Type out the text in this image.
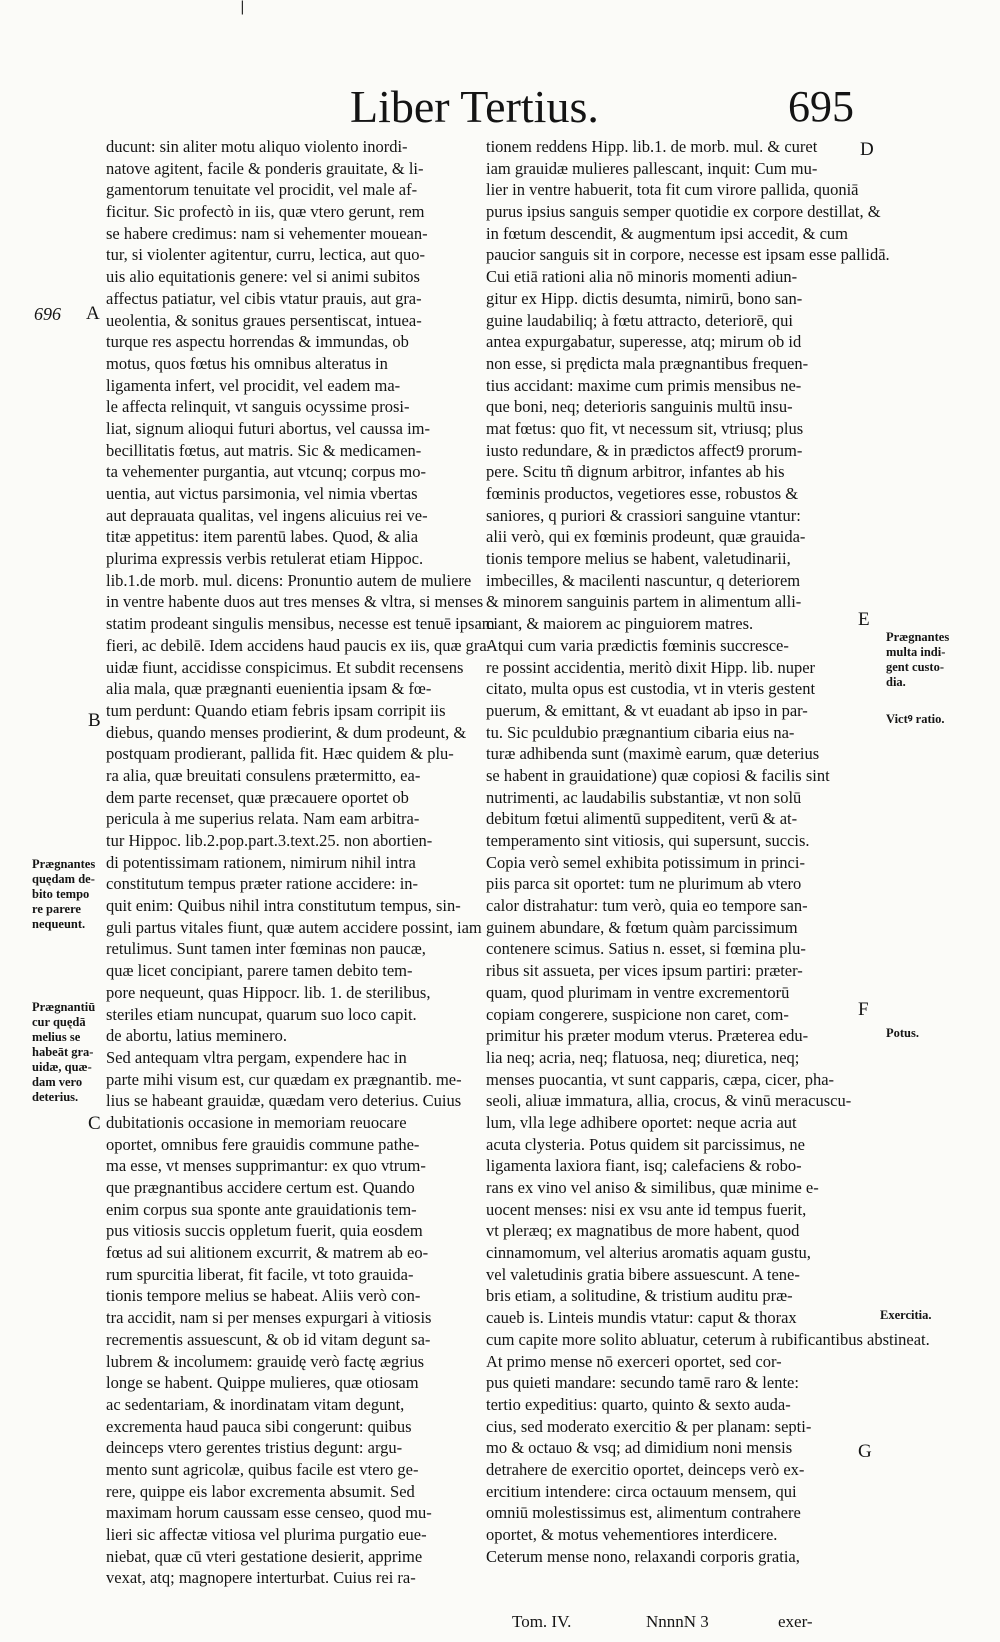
|
Liber Tertius.	695
696 A
B
C
D
E
F
G
Prægnantes
quędam de-
bito tempo
re parere
nequeunt.
Prægnantiū
cur quędā
melius se
habeāt gra-
uidæ, quæ-
dam vero
deterius.
Prægnantes
multa indi-
gent custo-
dia.
Victꝰ ratio.
Potus.
Exercitia.
ducunt: sin aliter motu aliquo violento inordi-
natove agitent, facile & ponderis grauitate, & li-
gamentorum tenuitate vel procidit, vel male af-
ficitur. Sic profectò in iis, quæ vtero gerunt, rem
se habere credimus: nam si vehementer mouean-
tur, si violenter agitentur, curru, lectica, aut quo-
uis alio equitationis genere: vel si animi subitos
affectus patiatur, vel cibis vtatur prauis, aut gra-
ueolentia, & sonitus graues persentiscat, intuea-
turque res aspectu horrendas & immundas, ob
motus, quos fœtus his omnibus alteratus in
ligamenta infert, vel procidit, vel eadem ma-
le affecta relinquit, vt sanguis ocyssime prosi-
liat, signum alioqui futuri abortus, vel caussa im-
becillitatis fœtus, aut matris. Sic & medicamen-
ta vehementer purgantia, aut vtcunq; corpus mo-
uentia, aut victus parsimonia, vel nimia vbertas
aut deprauata qualitas, vel ingens alicuius rei ve-
titæ appetitus: item parentū labes. Quod, & alia
plurima expressis verbis retulerat etiam Hippoc.
lib.1.de morb. mul. dicens: Pronuntio autem de muliere
in ventre habente duos aut tres menses & vltra, si menses
statim prodeant singulis mensibus, necesse est tenuē ipsam
fieri, ac debilē. Idem accidens haud paucis ex iis, quæ gra-
uidæ fiunt, accidisse conspicimus. Et subdit recensens
alia mala, quæ prægnanti euenientia ipsam & fœ-
tum perdunt: Quando etiam febris ipsam corripit iis
diebus, quando menses prodierint, & dum prodeunt, &
postquam prodierant, pallida fit. Hæc quidem & plu-
ra alia, quæ breuitati consulens prætermitto, ea-
dem parte recenset, quæ præcauere oportet ob
pericula à me superius relata. Nam eam arbitra-
tur Hippoc. lib.2.pop.part.3.text.25. non abortien-
di potentissimam rationem, nimirum nihil intra
constitutum tempus præter ratione accidere: in-
quit enim: Quibus nihil intra constitutum tempus, sin-
guli partus vitales fiunt, quæ autem accidere possint, iam
retulimus. Sunt tamen inter fœminas non paucæ,
quæ licet concipiant, parere tamen debito tem-
pore nequeunt, quas Hippocr. lib. 1. de sterilibus,
steriles etiam nuncupat, quarum suo loco capit.
de abortu, latius meminero.
Sed antequam vltra pergam, expendere hac in
parte mihi visum est, cur quædam ex prægnantib. me-
lius se habeant grauidæ, quædam vero deterius. Cuius
dubitationis occasione in memoriam reuocare
oportet, omnibus fere grauidis commune pathe-
ma esse, vt menses supprimantur: ex quo vtrum-
que prægnantibus accidere certum est. Quando
enim corpus sua sponte ante grauidationis tem-
pus vitiosis succis oppletum fuerit, quia eosdem
fœtus ad sui alitionem excurrit, & matrem ab eo-
rum spurcitia liberat, fit facile, vt toto grauida-
tionis tempore melius se habeat. Aliis verò con-
tra accidit, nam si per menses expurgari à vitiosis
recrementis assuescunt, & ob id vitam degunt sa-
lubrem & incolumem: grauidę verò factę ægrius
longe se habent. Quippe mulieres, quæ otiosam
ac sedentariam, & inordinatam vitam degunt,
excrementa haud pauca sibi congerunt: quibus
deinceps vtero gerentes tristius degunt: argu-
mento sunt agricolæ, quibus facile est vtero ge-
rere, quippe eis labor excrementa absumit. Sed
maximam horum caussam esse censeo, quod mu-
lieri sic affectæ vitiosa vel plurima purgatio eue-
niebat, quæ cū vteri gestatione desierit, apprime
vexat, atq; magnopere interturbat. Cuius rei ra-
tionem reddens Hipp. lib.1. de morb. mul. & curet
iam grauidæ mulieres pallescant, inquit: Cum mu-
lier in ventre habuerit, tota fit cum virore pallida, quoniā
purus ipsius sanguis semper quotidie ex corpore destillat, &
in fœtum descendit, & augmentum ipsi accedit, & cum
paucior sanguis sit in corpore, necesse est ipsam esse pallidā.
Cui etiā rationi alia nō minoris momenti adiun-
gitur ex Hipp. dictis desumta, nimirū, bono san-
guine laudabiliq; à fœtu attracto, deteriorē, qui
antea expurgabatur, superesse, atq; mirum ob id
non esse, si prędicta mala prægnantibus frequen-
tius accidant: maxime cum primis mensibus ne-
que boni, neq; deterioris sanguinis multū insu-
mat fœtus: quo fit, vt necessum sit, vtriusq; plus
iusto redundare, & in prædictos affect9 prorum-
pere. Scitu tñ dignum arbitror, infantes ab his
fœminis productos, vegetiores esse, robustos &
saniores, q puriori & crassiori sanguine vtantur:
alii verò, qui ex fœminis prodeunt, quæ grauida-
tionis tempore melius se habent, valetudinarii,
imbecilles, & macilenti nascuntur, q deteriorem
& minorem sanguinis partem in alimentum alli-
ciant, & maiorem ac pinguiorem matres.
Atqui cum varia prædictis fœminis succresce-
re possint accidentia, meritò dixit Hipp. lib. nuper
citato, multa opus est custodia, vt in vteris gestent
puerum, & emittant, & vt euadant ab ipso in par-
tu. Sic pculdubio prægnantium cibaria eius na-
turæ adhibenda sunt (maximè earum, quæ deterius
se habent in grauidatione) quæ copiosi & facilis sint
nutrimenti, ac laudabilis substantiæ, vt non solū
debitum fœtui alimentū suppeditent, verū & at-
temperamento sint vitiosis, qui supersunt, succis.
Copia verò semel exhibita potissimum in princi-
piis parca sit oportet: tum ne plurimum ab vtero
calor distrahatur: tum verò, quia eo tempore san-
guinem abundare, & fœtum quàm parcissimum
contenere scimus. Satius n. esset, si fœmina plu-
ribus sit assueta, per vices ipsum partiri: præter-
quam, quod plurimam in ventre excrementorū
copiam congerere, suspicione non caret, com-
primitur his præter modum vterus. Præterea edu-
lia neq; acria, neq; flatuosa, neq; diuretica, neq;
menses puocantia, vt sunt capparis, cæpa, cicer, pha-
seoli, aliuæ immatura, allia, crocus, & vinū meracuscu-
lum, vlla lege adhibere oportet: neque acria aut
acuta clysteria. Potus quidem sit parcissimus, ne
ligamenta laxiora fiant, isq; calefaciens & robo-
rans ex vino vel aniso & similibus, quæ minime e-
uocent menses: nisi ex vsu ante id tempus fuerit,
vt pleræq; ex magnatibus de more habent, quod
cinnamomum, vel alterius aromatis aquam gustu,
vel valetudinis gratia bibere assuescunt. A tene-
bris etiam, a solitudine, & tristium auditu præ-
caueb is. Linteis mundis vtatur: caput & thorax
cum capite more solito abluatur, ceterum à rubificantibus abstineat.
At primo mense nō exerceri oportet, sed cor-
pus quieti mandare: secundo tamē raro & lente:
tertio expeditius: quarto, quinto & sexto auda-
cius, sed moderato exercitio & per planam: septi-
mo & octauo & vsq; ad dimidium noni mensis
detrahere de exercitio oportet, deinceps verò ex-
ercitium intendere: circa octauum mensem, qui
omniū molestissimus est, alimentum contrahere
oportet, & motus vehementiores interdicere.
Ceterum mense nono, relaxandi corporis gratia,
Tom. IV.	NnnnN 3	exer-
